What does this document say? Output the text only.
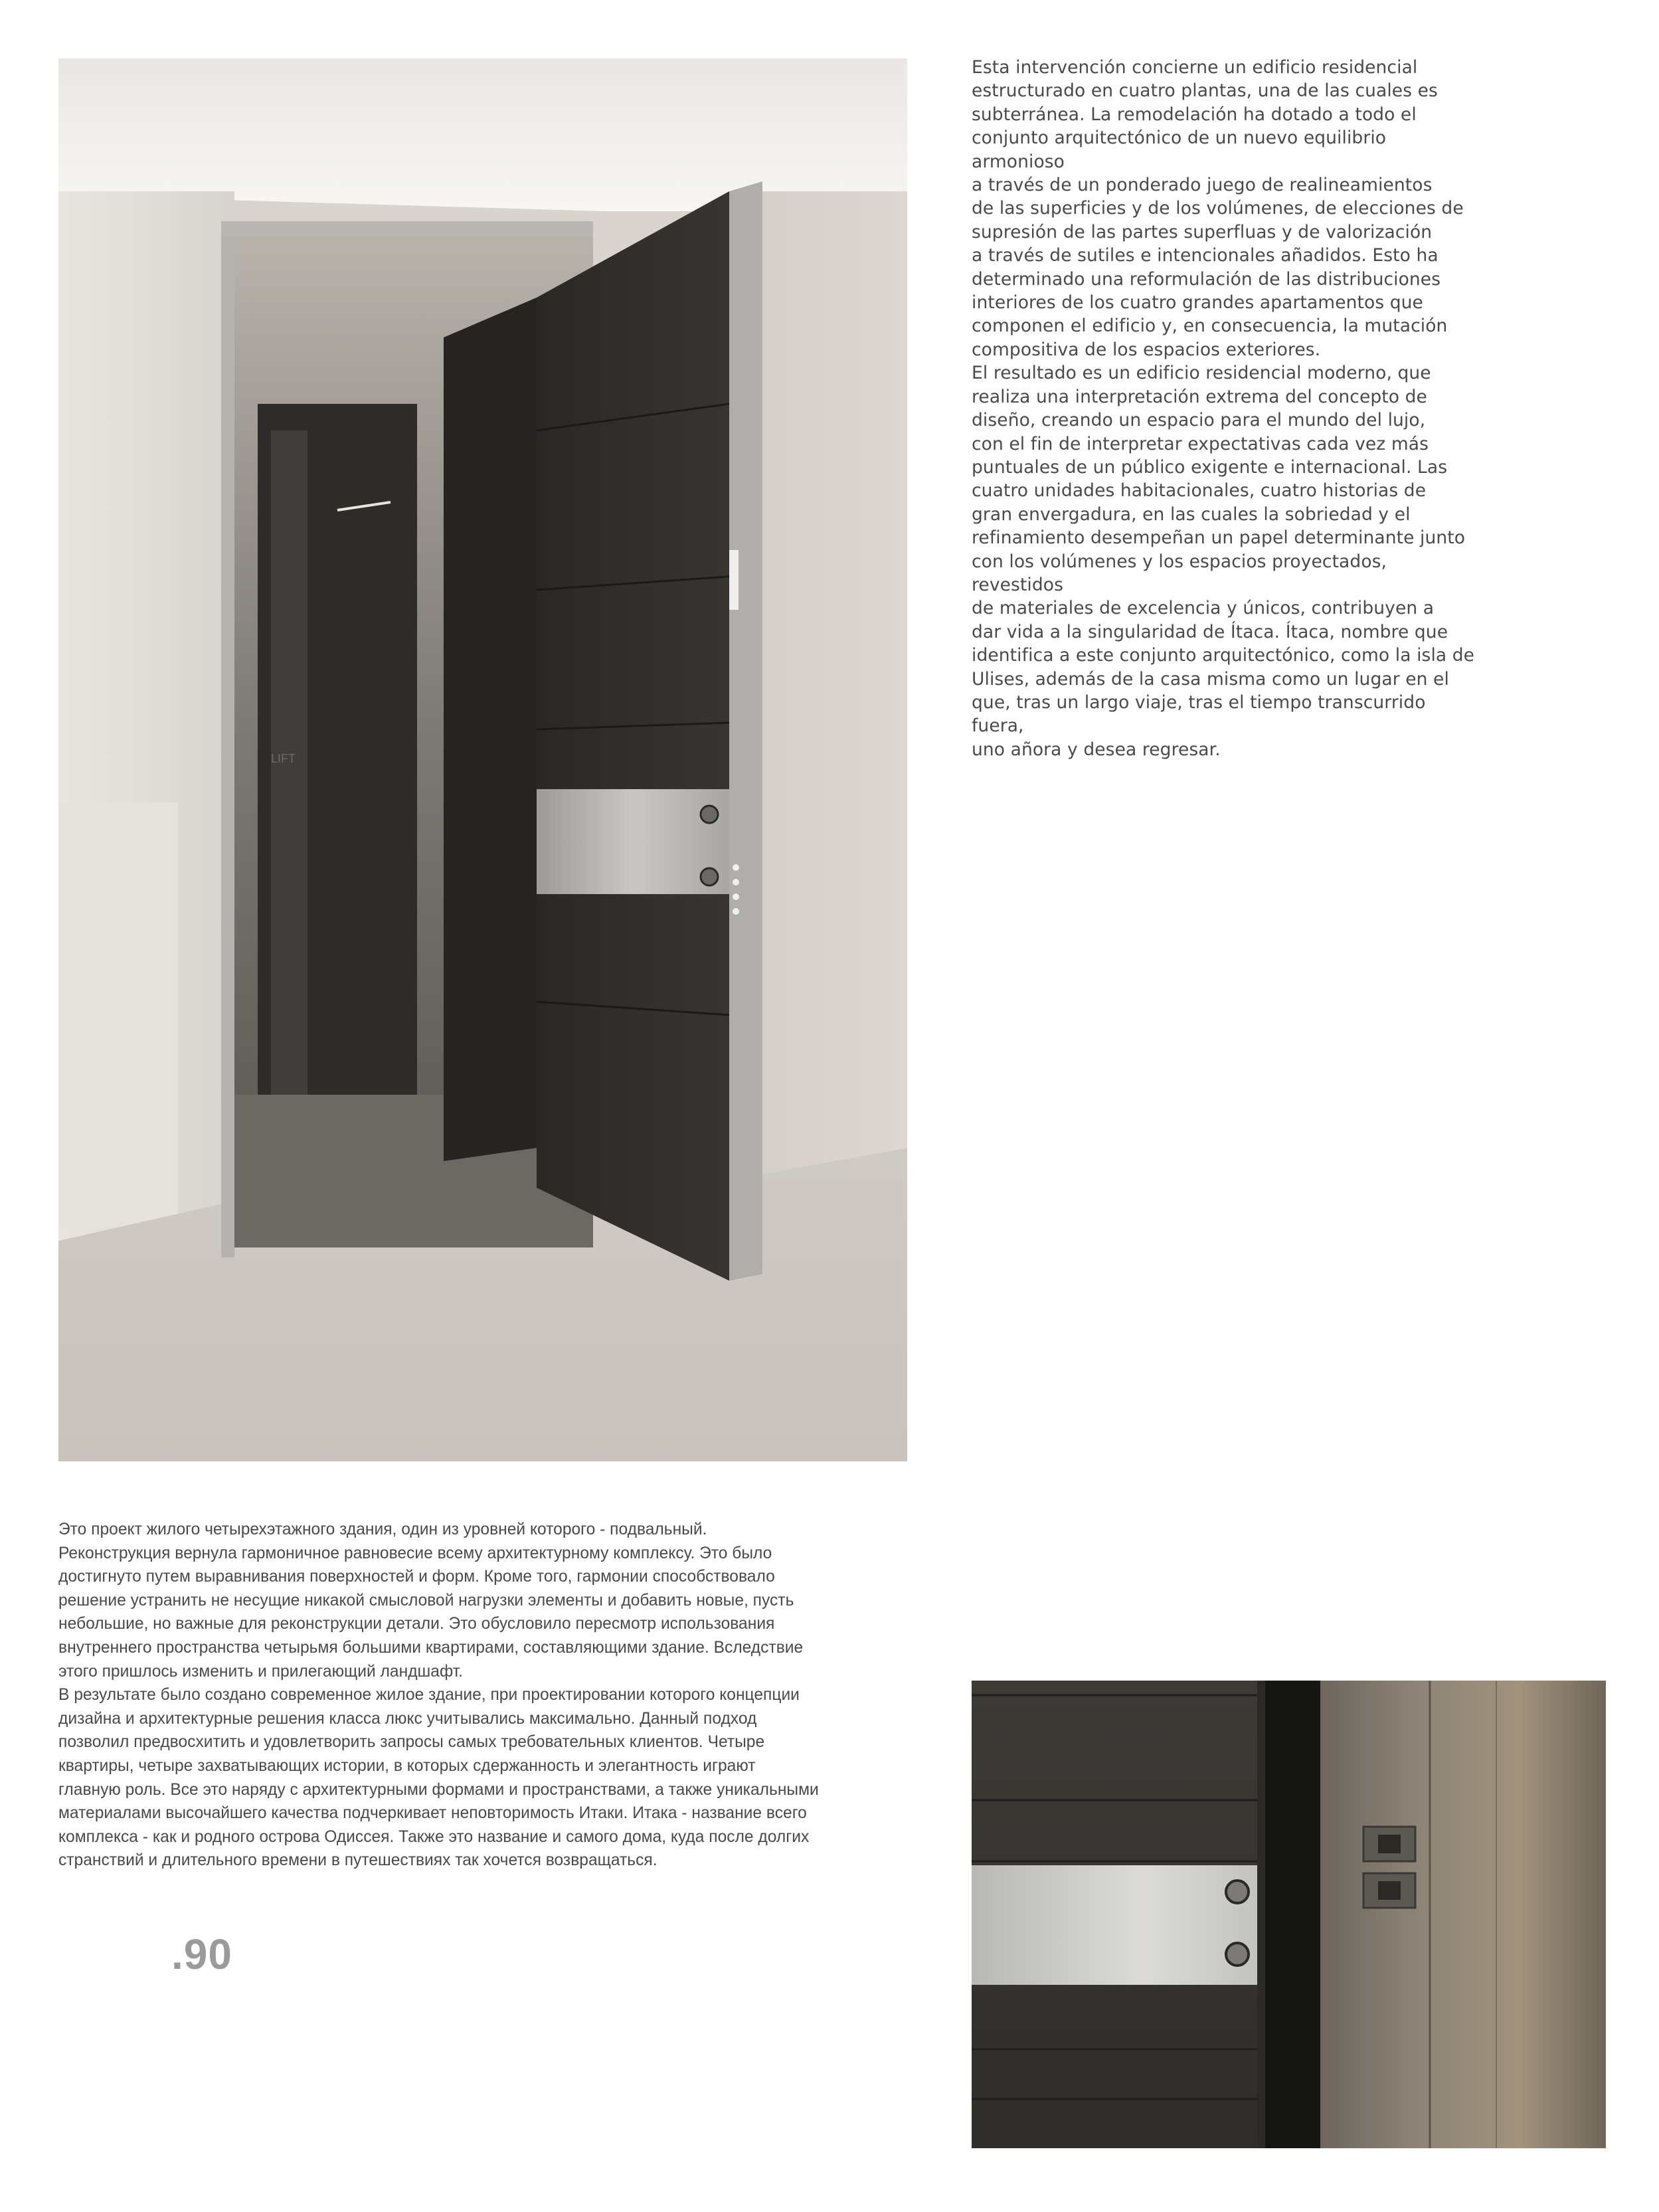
LIFT
Esta intervención concierne un edificio residencial
estructurado en cuatro plantas, una de las cuales es
subterránea. La remodelación ha dotado a todo el
conjunto arquitectónico de un nuevo equilibrio armonioso
a través de un ponderado juego de realineamientos
de las superficies y de los volúmenes, de elecciones de
supresión de las partes superfluas y de valorización
a través de sutiles e intencionales añadidos. Esto ha
determinado una reformulación de las distribuciones
interiores de los cuatro grandes apartamentos que
componen el edificio y, en consecuencia, la mutación
compositiva de los espacios exteriores.
El resultado es un edificio residencial moderno, que
realiza una interpretación extrema del concepto de
diseño, creando un espacio para el mundo del lujo,
con el fin de interpretar expectativas cada vez más
puntuales de un público exigente e internacional. Las
cuatro unidades habitacionales, cuatro historias de
gran envergadura, en las cuales la sobriedad y el
refinamiento desempeñan un papel determinante junto
con los volúmenes y los espacios proyectados, revestidos
de materiales de excelencia y únicos, contribuyen a
dar vida a la singularidad de Ítaca. Ítaca, nombre que
identifica a este conjunto arquitectónico, como la isla de
Ulises, además de la casa misma como un lugar en el
que, tras un largo viaje, tras el tiempo transcurrido fuera,
uno añora y desea regresar.
Это проект жилого четырехэтажного здания, один из уровней которого - подвальный.
Реконструкция вернула гармоничное равновесие всему архитектурному комплексу. Это было
достигнуто путем выравнивания поверхностей и форм. Кроме того, гармонии способствовало
решение устранить не несущие никакой смысловой нагрузки элементы и добавить новые, пусть
небольшие, но важные для реконструкции детали. Это обусловило пересмотр использования
внутреннего пространства четырьмя большими квартирами, составляющими здание. Вследствие
этого пришлось изменить и прилегающий ландшафт.
В результате было создано современное жилое здание, при проектировании которого концепции
дизайна и архитектурные решения класса люкс учитывались максимально. Данный подход
позволил предвосхитить и удовлетворить запросы самых требовательных клиентов. Четыре
квартиры, четыре захватывающих истории, в которых сдержанность и элегантность играют
главную роль. Все это наряду с архитектурными формами и пространствами, а также уникальными
материалами высочайшего качества подчеркивает неповторимость Итаки. Итака - название всего
комплекса - как и родного острова Одиссея. Также это название и самого дома, куда после долгих
странствий и длительного времени в путешествиях так хочется возвращаться.
.90
